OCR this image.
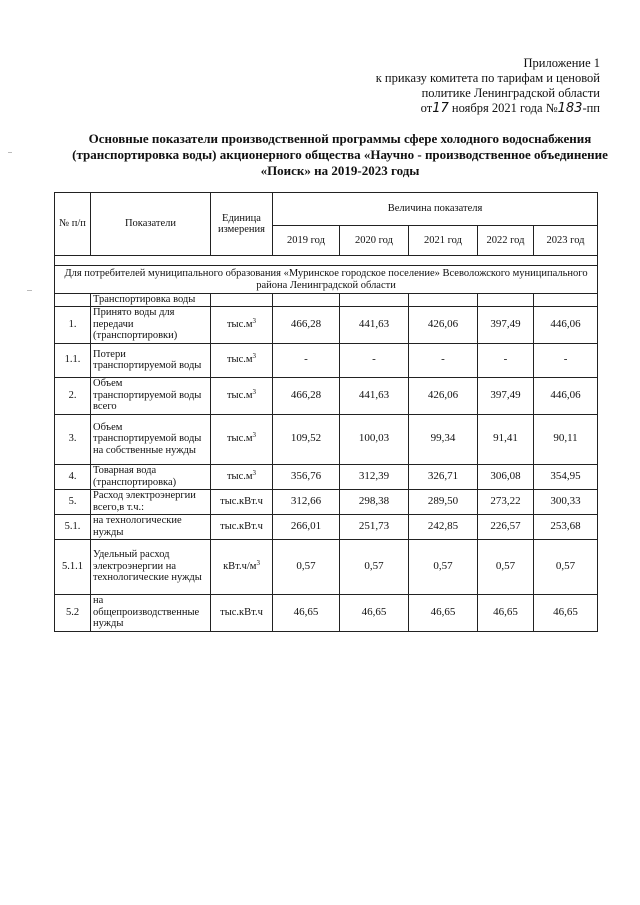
Приложение 1
к приказу комитета по тарифам и ценовой
политике Ленинградской области
от17 ноября 2021 года №183-пп
Основные показатели производственной программы сфере холодного водоснабжения
(транспортировка воды) акционерного общества «Научно - производственное объединение
«Поиск» на 2019-2023 годы
№ п/п	Показатели	Единица измерения	Величина показателя				
			2019 год	2020 год	2021 год	2022 год	2023 год

Для потребителей муниципального образования «Муринское городское поселение» Всеволожского муниципального района Ленинградской области							
	Транспортировка воды						
1.	Принято воды для передачи (транспортировки)	$тыс.м^3$	466,28	441,63	426,06	397,49	446,06
1.1.	Потери транспортируемой воды	$тыс.м^3$	-	-	-	-	-
2.	Объем транспортируемой воды всего	$тыс.м^3$	466,28	441,63	426,06	397,49	446,06
3.	Объем транспортируемой воды на собственные нужды	$тыс.м^3$	109,52	100,03	99,34	91,41	90,11
4.	Товарная вода (транспортировка)	$тыс.м^3$	356,76	312,39	326,71	306,08	354,95
5.	Расход электроэнергии всего,в т.ч.:	тыс.кВт.ч	312,66	298,38	289,50	273,22	300,33
5.1.	на технологические нужды	тыс.кВт.ч	266,01	251,73	242,85	226,57	253,68
5.1.1	Удельный расход электроэнергии на технологические нужды	$кВт.ч/м^3$	0,57	0,57	0,57	0,57	0,57
5.2	на общепроизводственные нужды	тыс.кВт.ч	46,65	46,65	46,65	46,65	46,65
